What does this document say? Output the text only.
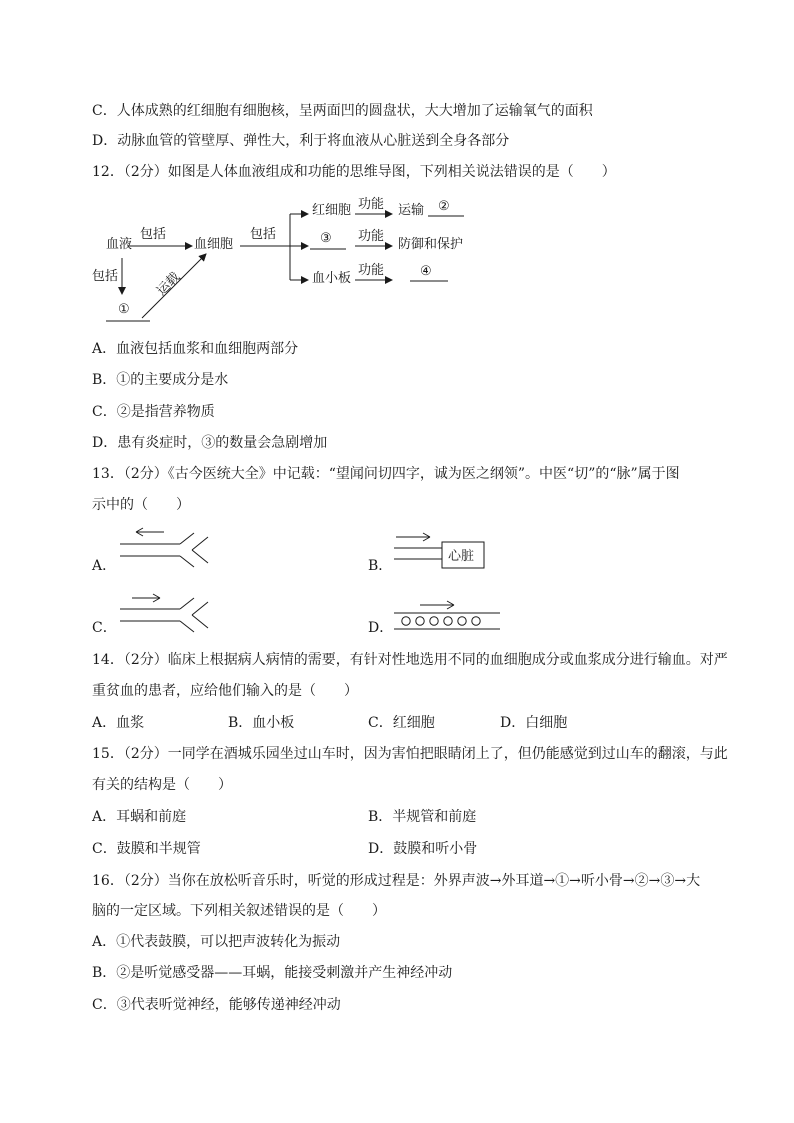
C．人体成熟的红细胞有细胞核，呈两面凹的圆盘状，大大增加了运输氧气的面积
D．动脉血管的管壁厚、弹性大，利于将血液从心脏送到全身各部分
12．（2分）如图是人体血液组成和功能的思维导图，下列相关说法错误的是（　　）
运载
血液
包括
包括
①
血细胞
包括
红细胞 功能 运输 ②
③ 功能
防御和保护
血小板
功能	④
A．血液包括血浆和血细胞两部分
B．①的主要成分是水
C．②是指营养物质
D．患有炎症时，③的数量会急剧增加
13．（2分）《古今医统大全》中记载：“望闻问切四字，诚为医之纲领”。中医“切”的“脉”属于图
示中的（　　）
A．	B．
心脏
C．	D．
14．（2分）临床上根据病人病情的需要，有针对性地选用不同的血细胞成分或血浆成分进行输血。对严
重贫血的患者，应给他们输入的是（　　）
A．血浆	B．血小板	C．红细胞	D．白细胞
15．（2分）一同学在酒城乐园坐过山车时，因为害怕把眼睛闭上了，但仍能感觉到过山车的翻滚，与此
有关的结构是（　　）
A．耳蜗和前庭	B．半规管和前庭
C．鼓膜和半规管	D．鼓膜和听小骨
16．（2分）当你在放松听音乐时，听觉的形成过程是：外界声波→外耳道→①→听小骨→②→③→大
脑的一定区域。下列相关叙述错误的是（　　）
A．①代表鼓膜，可以把声波转化为振动
B．②是听觉感受器——耳蜗，能接受刺激并产生神经冲动
C．③代表听觉神经，能够传递神经冲动
